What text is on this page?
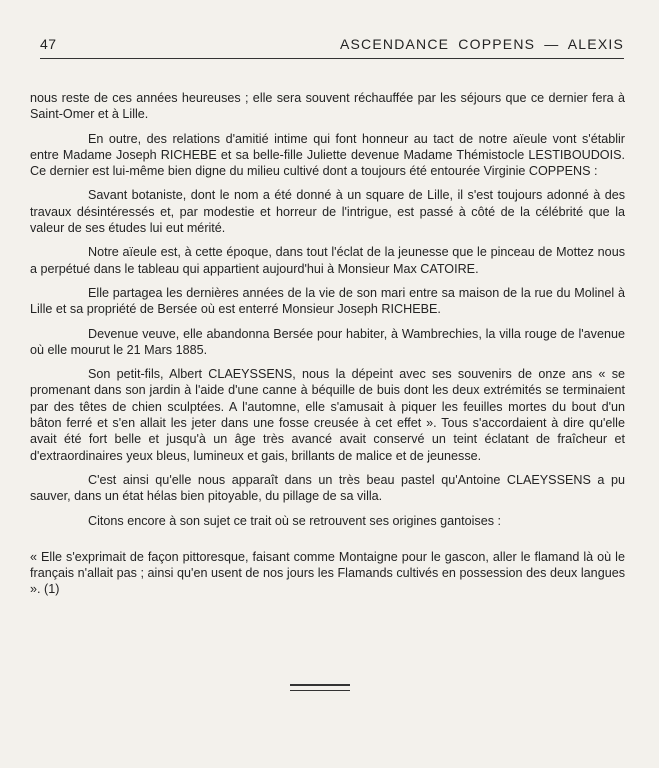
47	ASCENDANCE COPPENS — ALEXIS

nous reste de ces années heureuses ; elle sera souvent réchauffée par les séjours que ce dernier fera à Saint-Omer et à Lille.

En outre, des relations d'amitié intime qui font honneur au tact de notre aïeule vont s'établir entre Madame Joseph RICHEBE et sa belle-fille Juliette devenue Madame Thémistocle LESTIBOUDOIS. Ce dernier est lui-même bien digne du milieu cultivé dont a toujours été entourée Virginie COPPENS :

Savant botaniste, dont le nom a été donné à un square de Lille, il s'est toujours adonné à des travaux désintéressés et, par modestie et horreur de l'intrigue, est passé à côté de la célébrité que la valeur de ses études lui eut mérité.

Notre aïeule est, à cette époque, dans tout l'éclat de la jeunesse que le pinceau de Mottez nous a perpétué dans le tableau qui appartient aujourd'hui à Monsieur Max CATOIRE.

Elle partagea les dernières années de la vie de son mari entre sa maison de la rue du Molinel à Lille et sa propriété de Bersée où est enterré Monsieur Joseph RICHEBE.

Devenue veuve, elle abandonna Bersée pour habiter, à Wambrechies, la villa rouge de l'avenue où elle mourut le 21 Mars 1885.

Son petit-fils, Albert CLAEYSSENS, nous la dépeint avec ses souvenirs de onze ans « se promenant dans son jardin à l'aide d'une canne à béquille de buis dont les deux extrémités se terminaient par des têtes de chien sculptées. A l'automne, elle s'amusait à piquer les feuilles mortes du bout d'un bâton ferré et s'en allait les jeter dans une fosse creusée à cet effet ». Tous s'accordaient à dire qu'elle avait été fort belle et jusqu'à un âge très avancé avait conservé un teint éclatant de fraîcheur et d'extraordinaires yeux bleus, lumineux et gais, brillants de malice et de jeunesse.

C'est ainsi qu'elle nous apparaît dans un très beau pastel qu'Antoine CLAEYSSENS a pu sauver, dans un état hélas bien pitoyable, du pillage de sa villa.

Citons encore à son sujet ce trait où se retrouvent ses origines gantoises :

« Elle s'exprimait de façon pittoresque, faisant comme Montaigne pour le gascon, aller le flamand là où le français n'allait pas ; ainsi qu'en usent de nos jours les Flamands cultivés en possession des deux langues ». (1)
